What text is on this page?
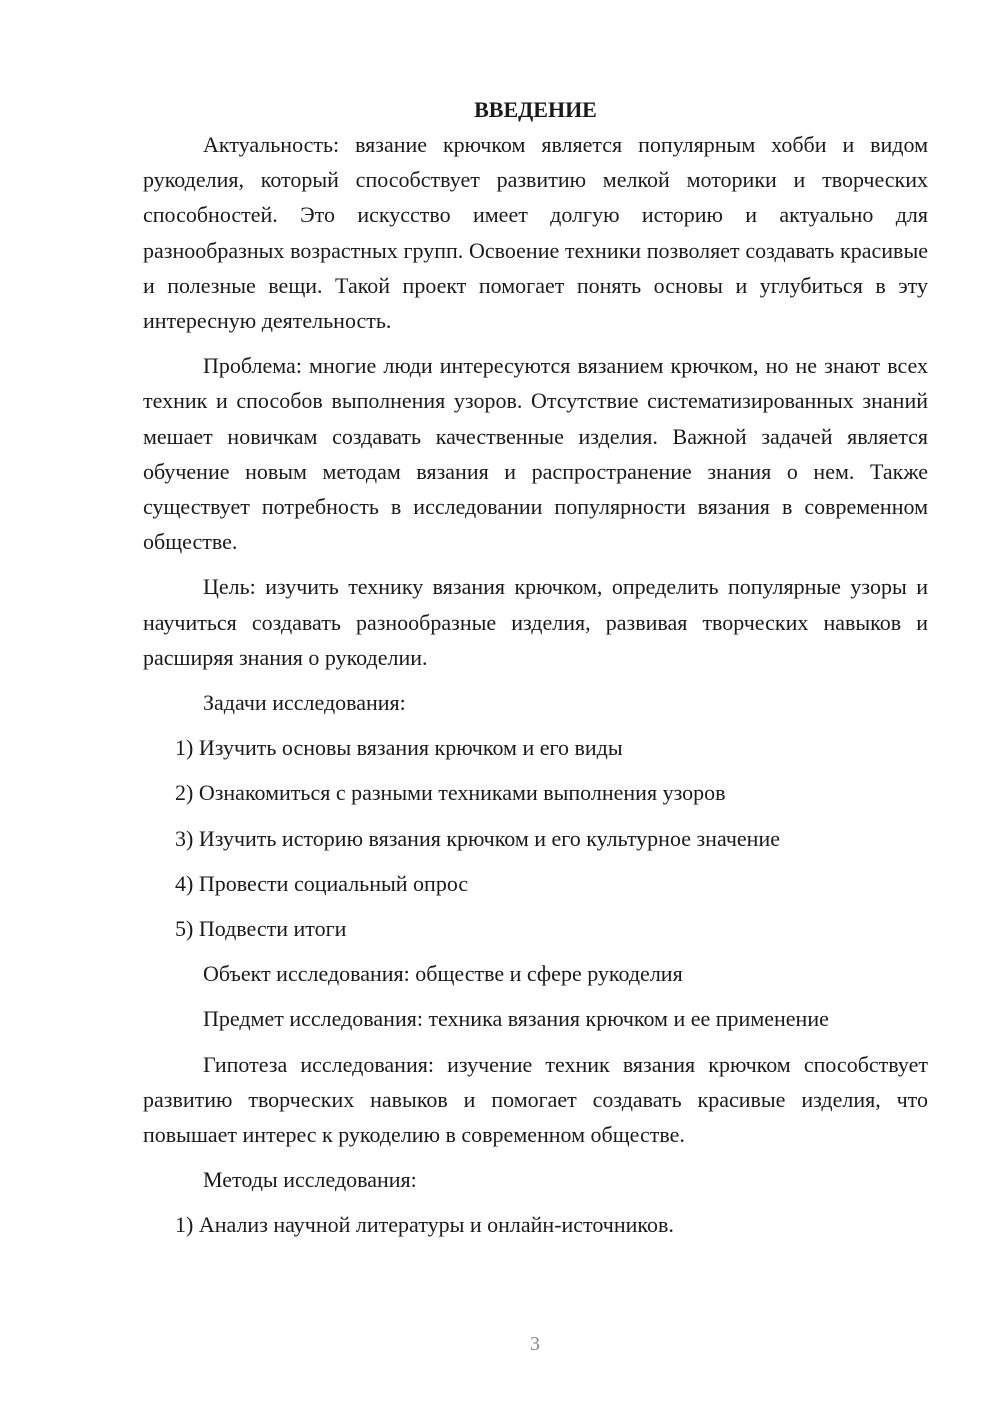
ВВЕДЕНИЕ

Актуальность: вязание крючком является популярным хобби и видом рукоделия, который способствует развитию мелкой моторики и творческих способностей. Это искусство имеет долгую историю и актуально для разнообразных возрастных групп. Освоение техники позволяет создавать красивые и полезные вещи. Такой проект помогает понять основы и углубиться в эту интересную деятельность.

Проблема: многие люди интересуются вязанием крючком, но не знают всех техник и способов выполнения узоров. Отсутствие систематизированных знаний мешает новичкам создавать качественные изделия. Важной задачей является обучение новым методам вязания и распространение знания о нем. Также существует потребность в исследовании популярности вязания в современном обществе.

Цель: изучить технику вязания крючком, определить популярные узоры и научиться создавать разнообразные изделия, развивая творческих навыков и расширяя знания о рукоделии.

Задачи исследования:

1) Изучить основы вязания крючком и его виды

2) Ознакомиться с разными техниками выполнения узоров

3) Изучить историю вязания крючком и его культурное значение

4) Провести социальный опрос

5) Подвести итоги

Объект исследования: обществе и сфере рукоделия

Предмет исследования: техника вязания крючком и ее применение

Гипотеза исследования: изучение техник вязания крючком способствует развитию творческих навыков и помогает создавать красивые изделия, что повышает интерес к рукоделию в современном обществе.

Методы исследования:

1) Анализ научной литературы и онлайн-источников.

3
